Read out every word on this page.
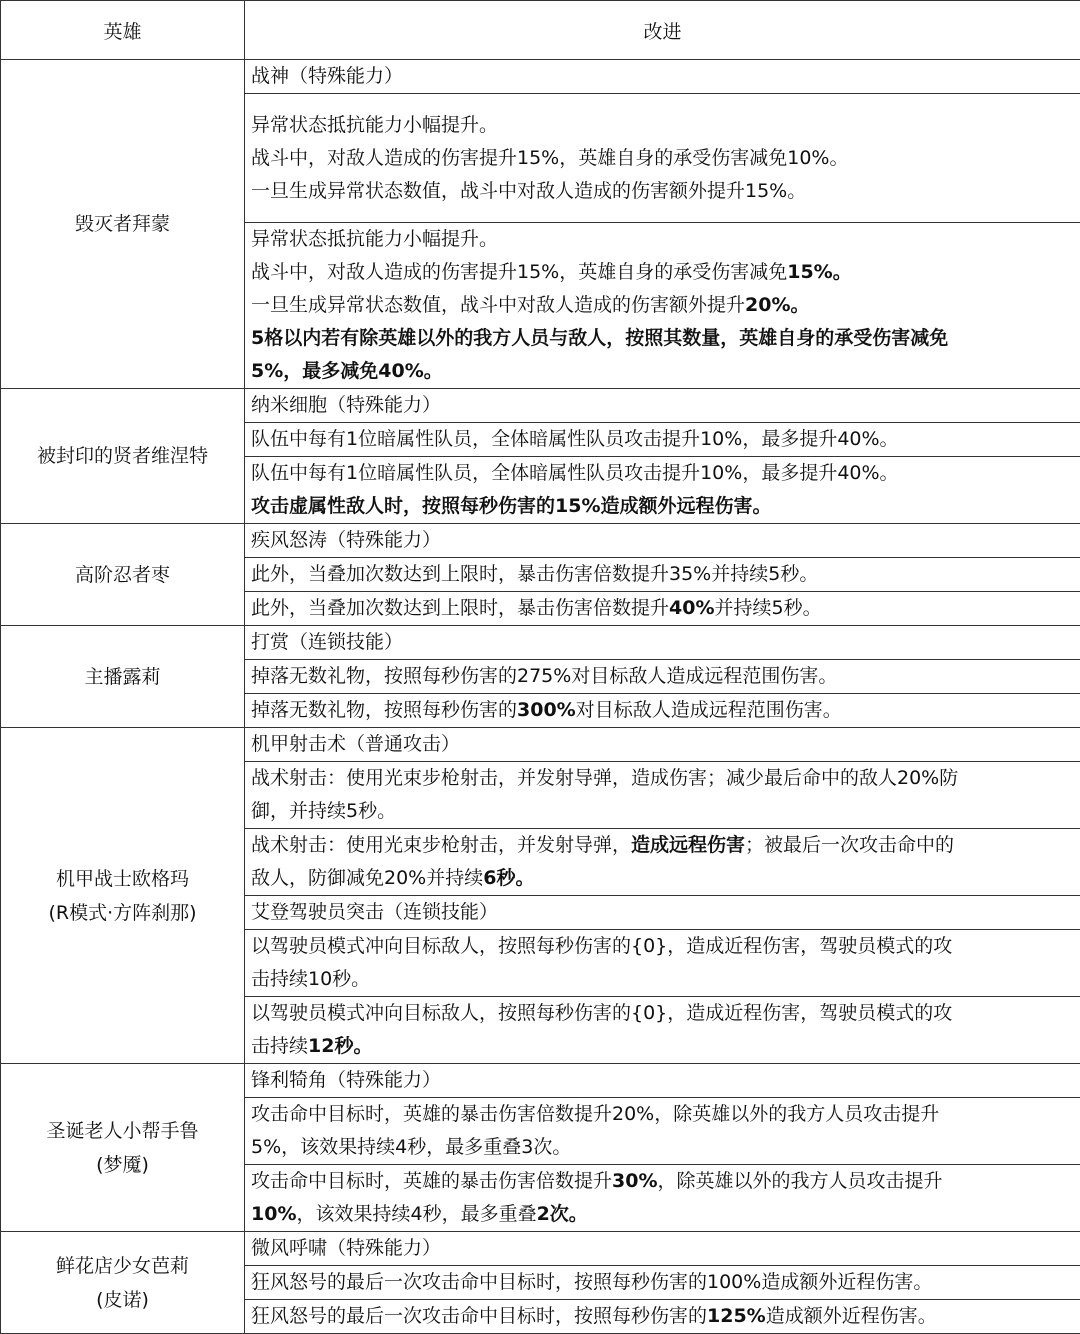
英雄	改进

毁灭者拜蒙	战神（特殊能力）

	异常状态抵抗能力小幅提升。
战斗中，对敌人造成的伤害提升15%，英雄自身的承受伤害减免10%。
一旦生成异常状态数值，战斗中对敌人造成的伤害额外提升15%。

	异常状态抵抗能力小幅提升。
战斗中，对敌人造成的伤害提升15%，英雄自身的承受伤害减免15%。
一旦生成异常状态数值，战斗中对敌人造成的伤害额外提升20%。
5格以内若有除英雄以外的我方人员与敌人，按照其数量，英雄自身的承受伤害减免
5%，最多减免40%。

被封印的贤者维涅特	纳米细胞（特殊能力）

	队伍中每有1位暗属性队员，全体暗属性队员攻击提升10%，最多提升40%。

	队伍中每有1位暗属性队员，全体暗属性队员攻击提升10%，最多提升40%。
攻击虚属性敌人时，按照每秒伤害的15%造成额外远程伤害。

高阶忍者枣	疾风怒涛（特殊能力）

	此外，当叠加次数达到上限时，暴击伤害倍数提升35%并持续5秒。

	此外，当叠加次数达到上限时，暴击伤害倍数提升40%并持续5秒。

主播露莉	打赏（连锁技能）

	掉落无数礼物，按照每秒伤害的275%对目标敌人造成远程范围伤害。

	掉落无数礼物，按照每秒伤害的300%对目标敌人造成远程范围伤害。

机甲战士欧格玛
(R模式·方阵刹那)	机甲射击术（普通攻击）

	战术射击：使用光束步枪射击，并发射导弹，造成伤害；减少最后命中的敌人20%防
御，并持续5秒。

	战术射击：使用光束步枪射击，并发射导弹，造成远程伤害；被最后一次攻击命中的
敌人，防御减免20%并持续6秒。

	艾登驾驶员突击（连锁技能）

	以驾驶员模式冲向目标敌人，按照每秒伤害的{0}，造成近程伤害，驾驶员模式的攻
击持续10秒。

	以驾驶员模式冲向目标敌人，按照每秒伤害的{0}，造成近程伤害，驾驶员模式的攻
击持续12秒。

圣诞老人小帮手鲁
(梦魇)	锋利犄角（特殊能力）

	攻击命中目标时，英雄的暴击伤害倍数提升20%，除英雄以外的我方人员攻击提升
5%，该效果持续4秒，最多重叠3次。

	攻击命中目标时，英雄的暴击伤害倍数提升30%，除英雄以外的我方人员攻击提升
10%，该效果持续4秒，最多重叠2次。

鲜花店少女芭莉
(皮诺)	微风呼啸（特殊能力）

	狂风怒号的最后一次攻击命中目标时，按照每秒伤害的100%造成额外近程伤害。

	狂风怒号的最后一次攻击命中目标时，按照每秒伤害的125%造成额外近程伤害。
